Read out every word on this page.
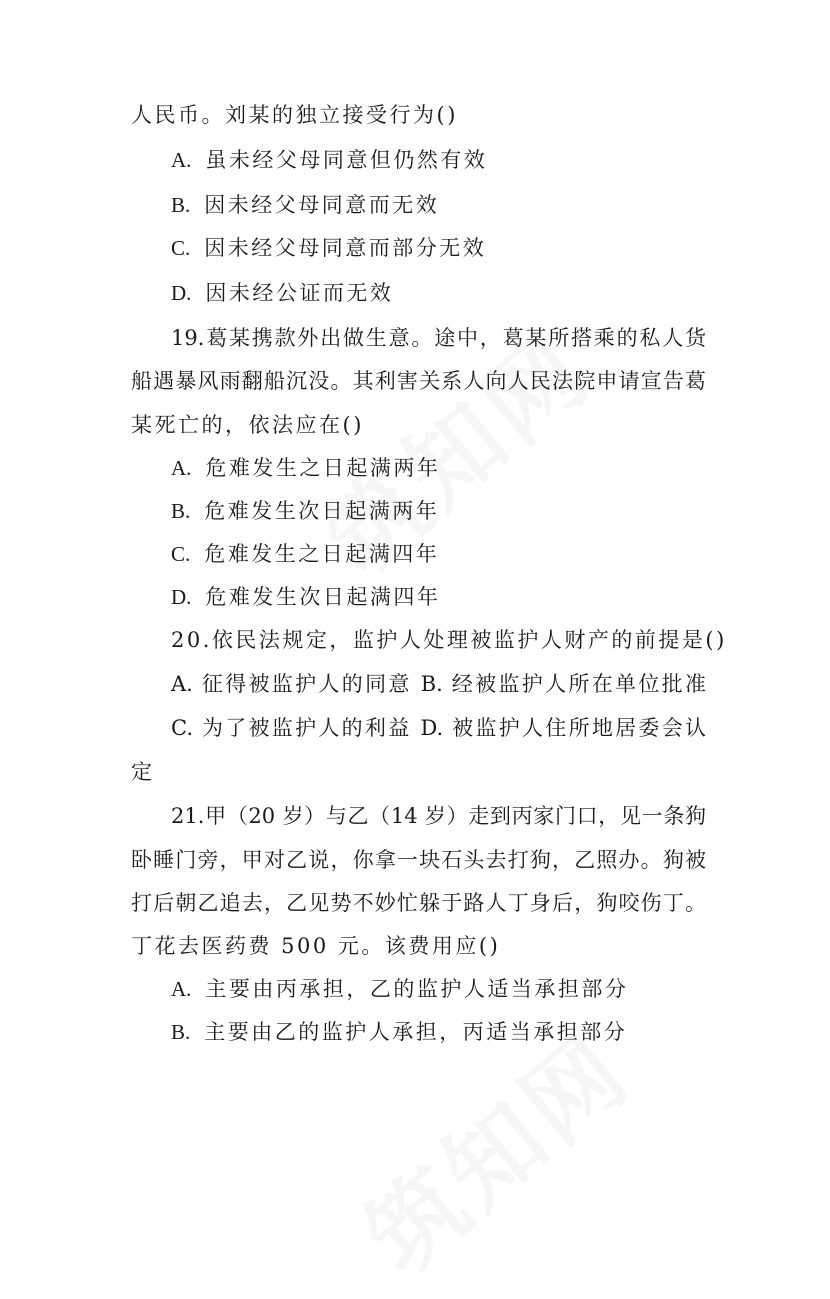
人民币。刘某的独立接受行为()
A. 虽未经父母同意但仍然有效
B. 因未经父母同意而无效
C. 因未经父母同意而部分无效
D. 因未经公证而无效
19.葛某携款外出做生意。途中，葛某所搭乘的私人货
船遇暴风雨翻船沉没。其利害关系人向人民法院申请宣告葛
某死亡的，依法应在()
A. 危难发生之日起满两年
B. 危难发生次日起满两年
C. 危难发生之日起满四年
D. 危难发生次日起满四年
20.依民法规定，监护人处理被监护人财产的前提是()
A. 征得被监护人的同意 B. 经被监护人所在单位批准
C. 为了被监护人的利益 D. 被监护人住所地居委会认
定
21.甲（20 岁）与乙（14 岁）走到丙家门口，见一条狗
卧睡门旁，甲对乙说，你拿一块石头去打狗，乙照办。狗被
打后朝乙追去，乙见势不妙忙躲于路人丁身后，狗咬伤丁。
丁花去医药费 500 元。该费用应()
A. 主要由丙承担，乙的监护人适当承担部分
B. 主要由乙的监护人承担，丙适当承担部分
